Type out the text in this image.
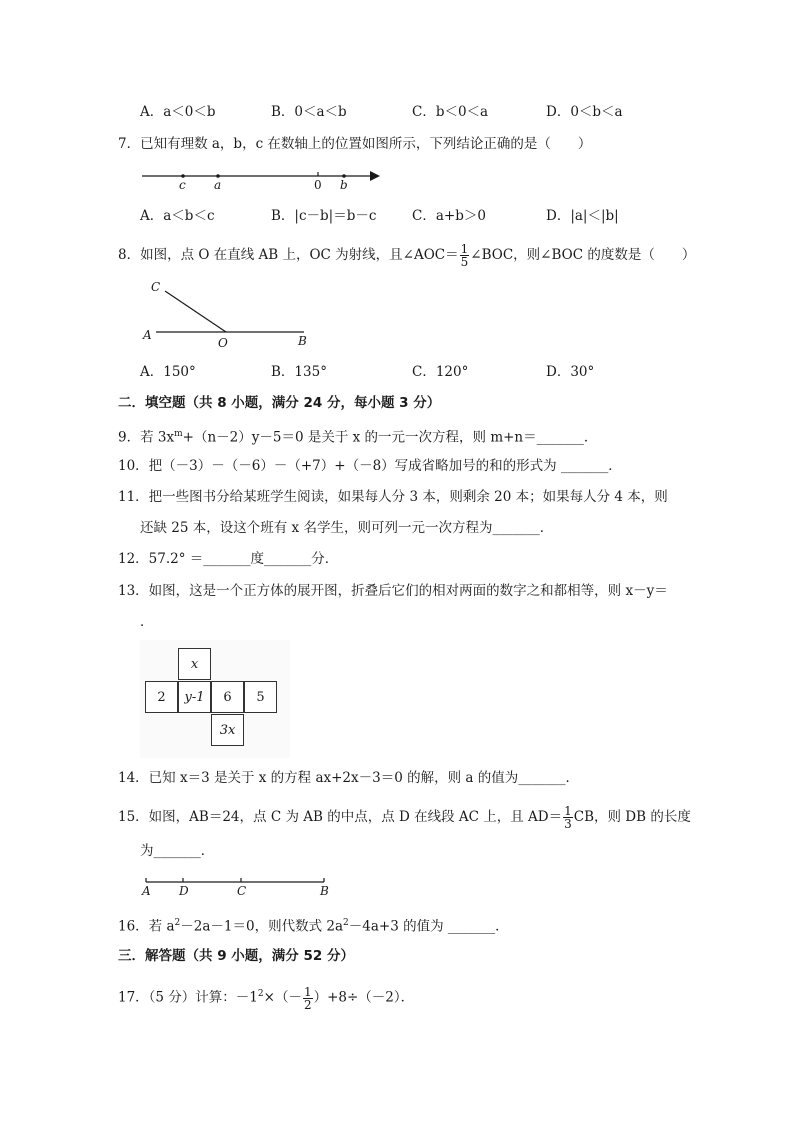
A．a＜0＜b	B．0＜a＜b	C．b＜0＜a	D．0＜b＜a
7．已知有理数 a，b，c 在数轴上的位置如图所示，下列结论正确的是（　　）
c a	0 b
A．a＜b＜c	B．|c－b|＝b－c	C．a+b＞0	D．|a|＜|b|
8．如图，点 O 在直线 AB 上，OC 为射线，且∠AOC＝ $\frac{1}{5}$ ∠BOC，则∠BOC 的度数是（　　）
C
A
O	B
A．150°	B．135°	C．120°	D．30°
二．填空题（共 8 小题，满分 24 分，每小题 3 分）
9．若 $3x^m+(n-2)y-5=0$ 是关于 x 的一元一次方程，则 m+n＝_______．
10．把（－3）－（－6）－（+7）+（－8）写成省略加号的和的形式为 _______．
11．把一些图书分给某班学生阅读，如果每人分 3 本，则剩余 20 本；如果每人分 4 本，则
还缺 25 本，设这个班有 x 名学生，则可列一元一次方程为_______．
12．57.2° ＝_______度_______分．
13．如图，这是一个正方体的展开图，折叠后它们的相对两面的数字之和都相等，则 x－y＝
．
x
2	y-1	6	5
3x
14．已知 x＝3 是关于 x 的方程 ax+2x－3＝0 的解，则 a 的值为_______．
15．如图，AB＝24，点 C 为 AB 的中点，点 D 在线段 AC 上，且 $AD= \frac{1}{3}$ CB，则 DB 的长度
为_______．
A D	C	B
16．若 $a^2-2a-1=0$，则代数式 $2a^2-4a+3$ 的值为 _______．
三．解答题（共 9 小题，满分 52 分）
17．（5 分）计算：$-1^2\times(- \frac{1}{2} )+8\div(-2)$．
